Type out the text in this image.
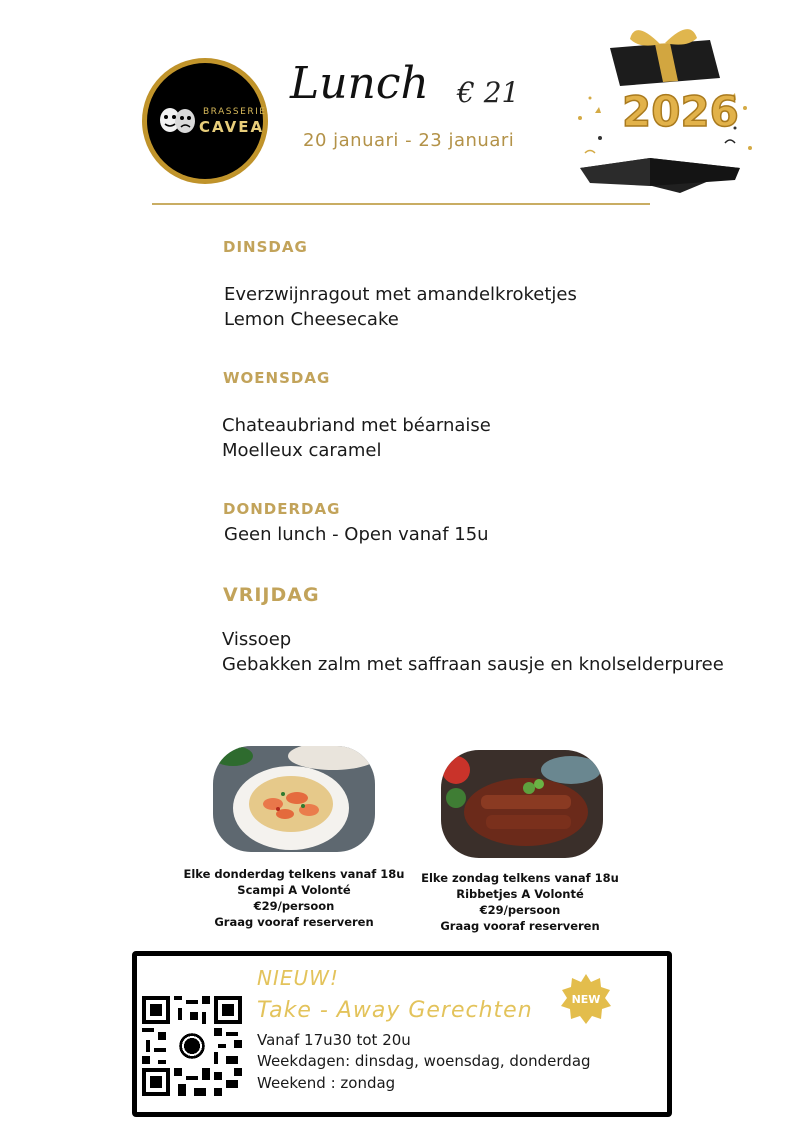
BRASSERIE
CAVEA
Lunch € 21
20 januari - 23 januari
2026
DINSDAG
Everzwijnragout met amandelkroketjes
Lemon Cheesecake
WOENSDAG
Chateaubriand met béarnaise
Moelleux caramel
DONDERDAG
Geen lunch - Open vanaf 15u
VRIJDAG
Vissoep
Gebakken zalm met saffraan sausje en knolselderpuree
Elke donderdag telkens vanaf 18u
Scampi A Volonté
€29/persoon
Graag vooraf reserveren
Elke zondag telkens vanaf 18u
Ribbetjes A Volonté
€29/persoon
Graag vooraf reserveren
NIEUW!
Take - Away Gerechten	NEW
Vanaf 17u30 tot 20u
Weekdagen: dinsdag, woensdag, donderdag
Weekend : zondag
